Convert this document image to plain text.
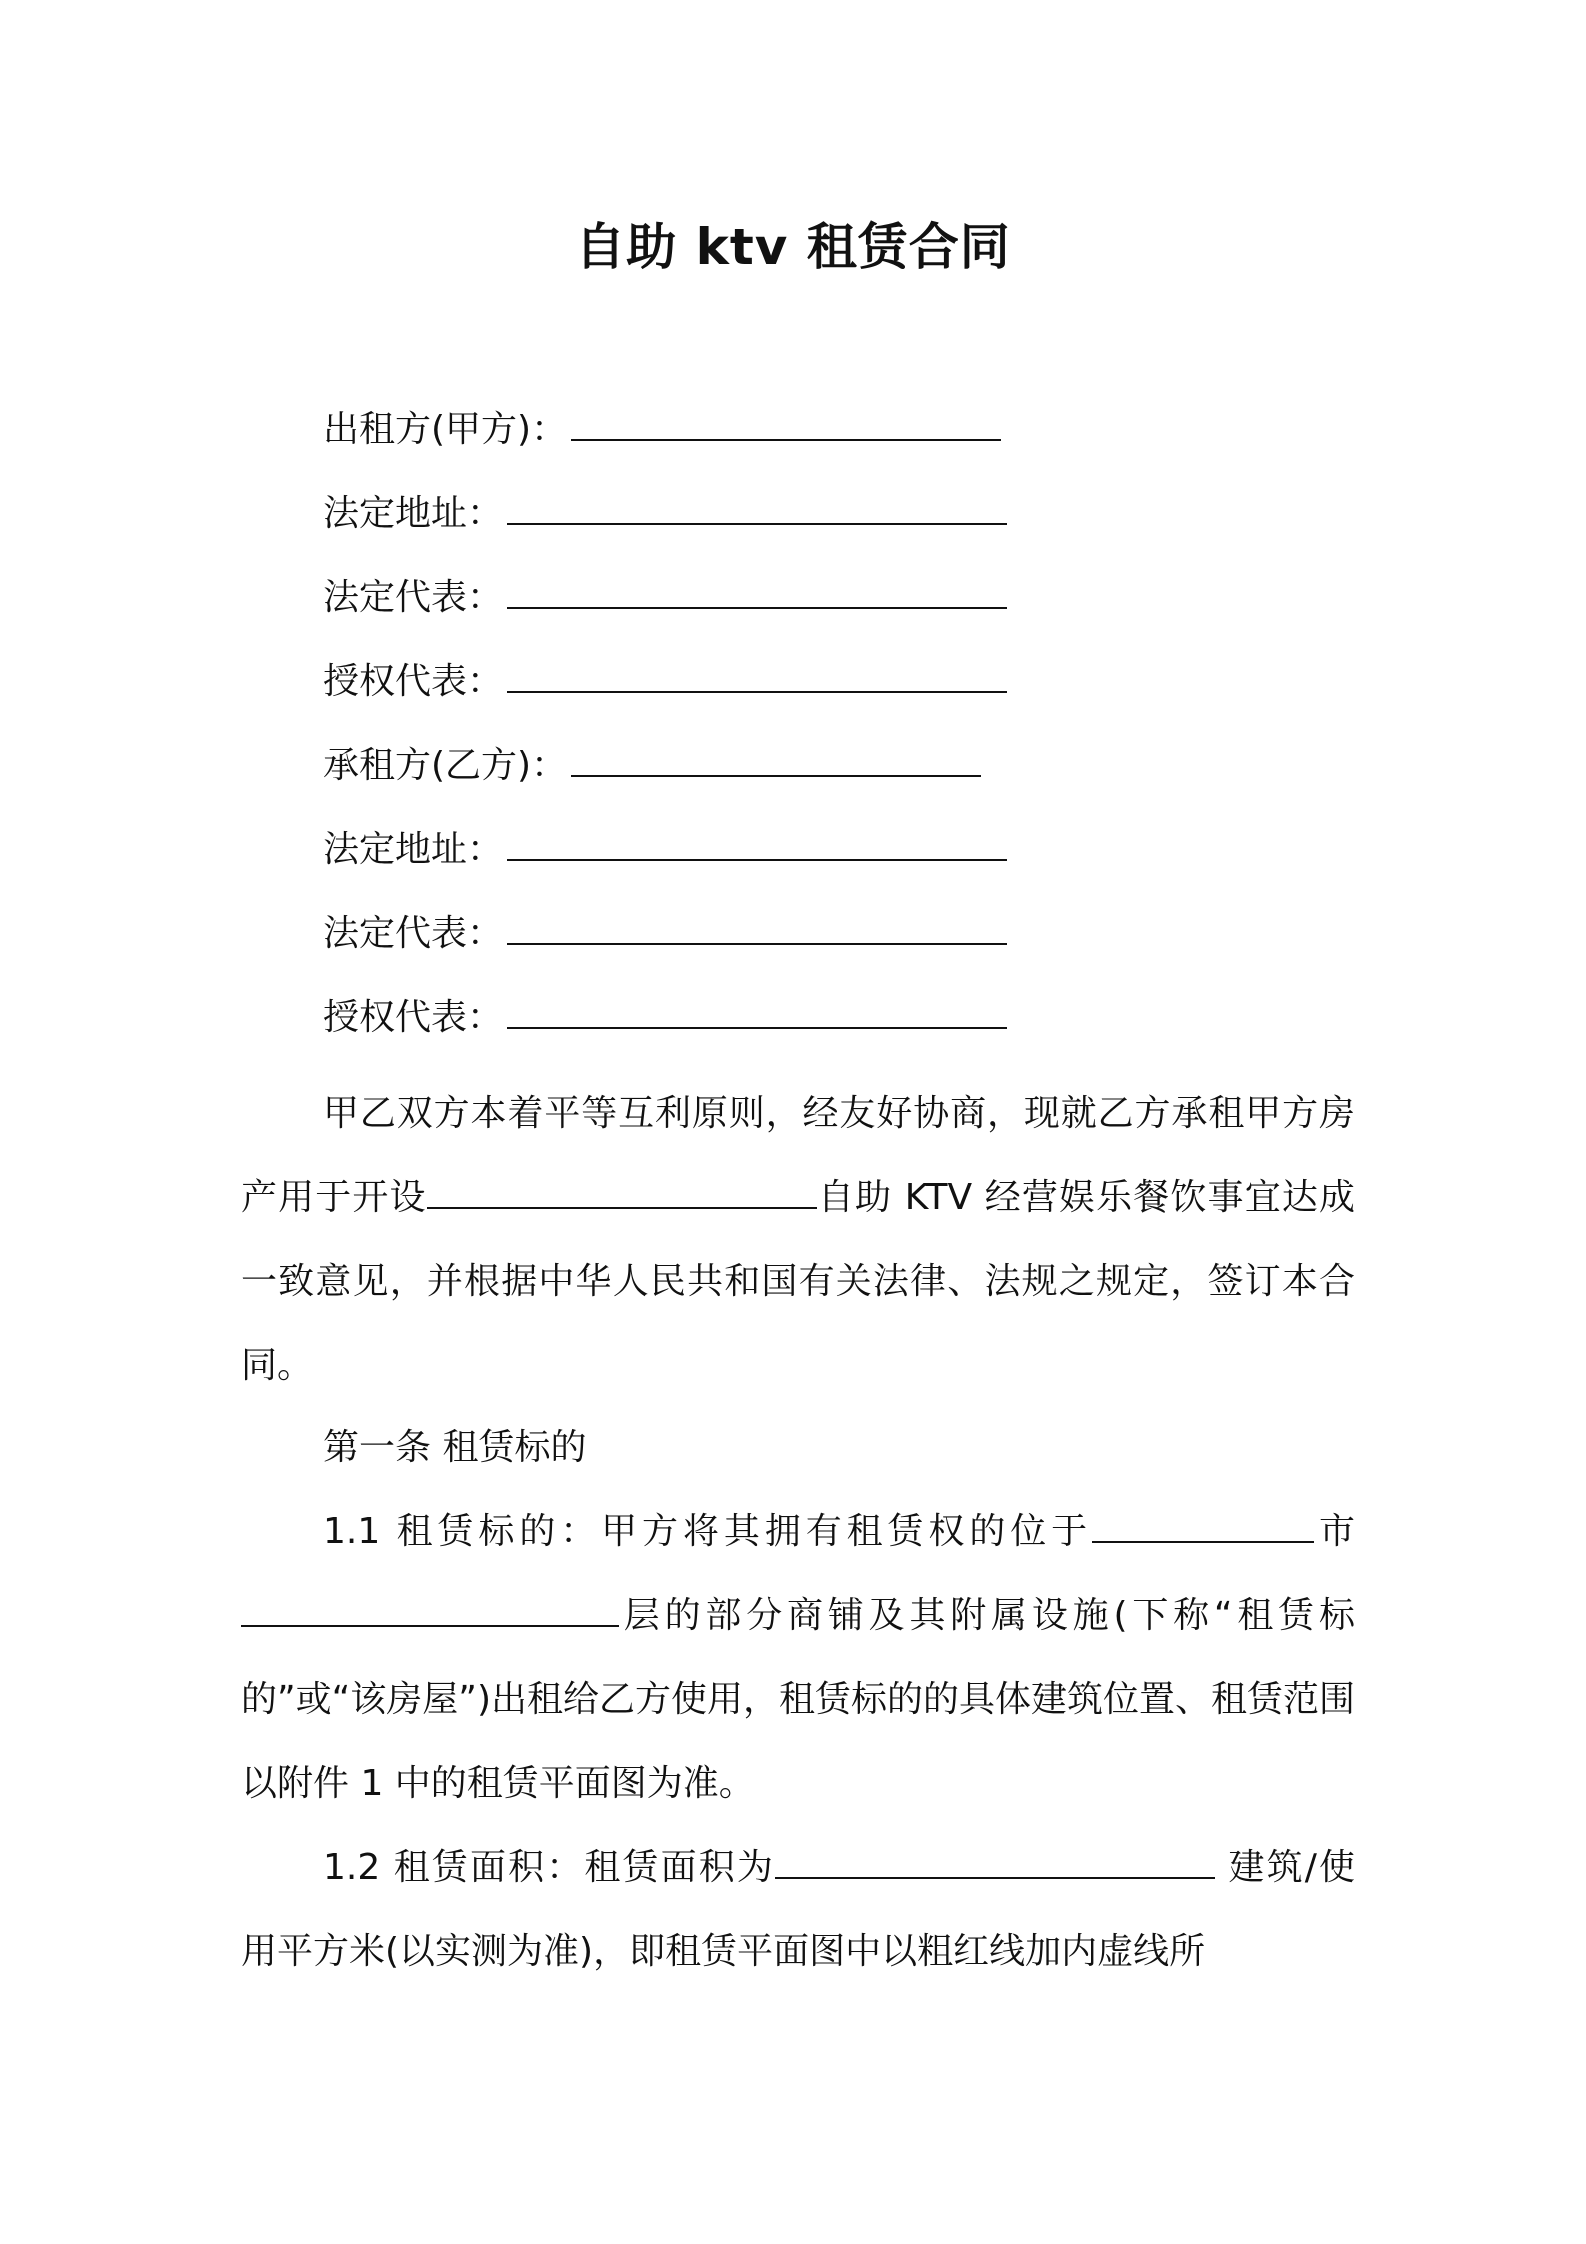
自助 ktv 租赁合同
出租方(甲方)：
法定地址：
法定代表：
授权代表：
承租方(乙方)：
法定地址：
法定代表：
授权代表：
甲乙双方本着平等互利原则，经友好协商，现就乙方承租甲方房产用于开设	自助 KTV 经营娱乐餐饮事宜达成一致意见，并根据中华人民共和国有关法律、法规之规定，签订本合同。
第一条 租赁标的
1.1 租赁标的：甲方将其拥有租赁权的位于	市层的部分商铺及其附属设施(下称“租赁标的”或“该房屋”)出租给乙方使用，租赁标的的具体建筑位置、租赁范围以附件 1 中的租赁平面图为准。
1.2 租赁面积：租赁面积为	建筑/使用平方米(以实测为准)，即租赁平面图中以粗红线加内虚线所
